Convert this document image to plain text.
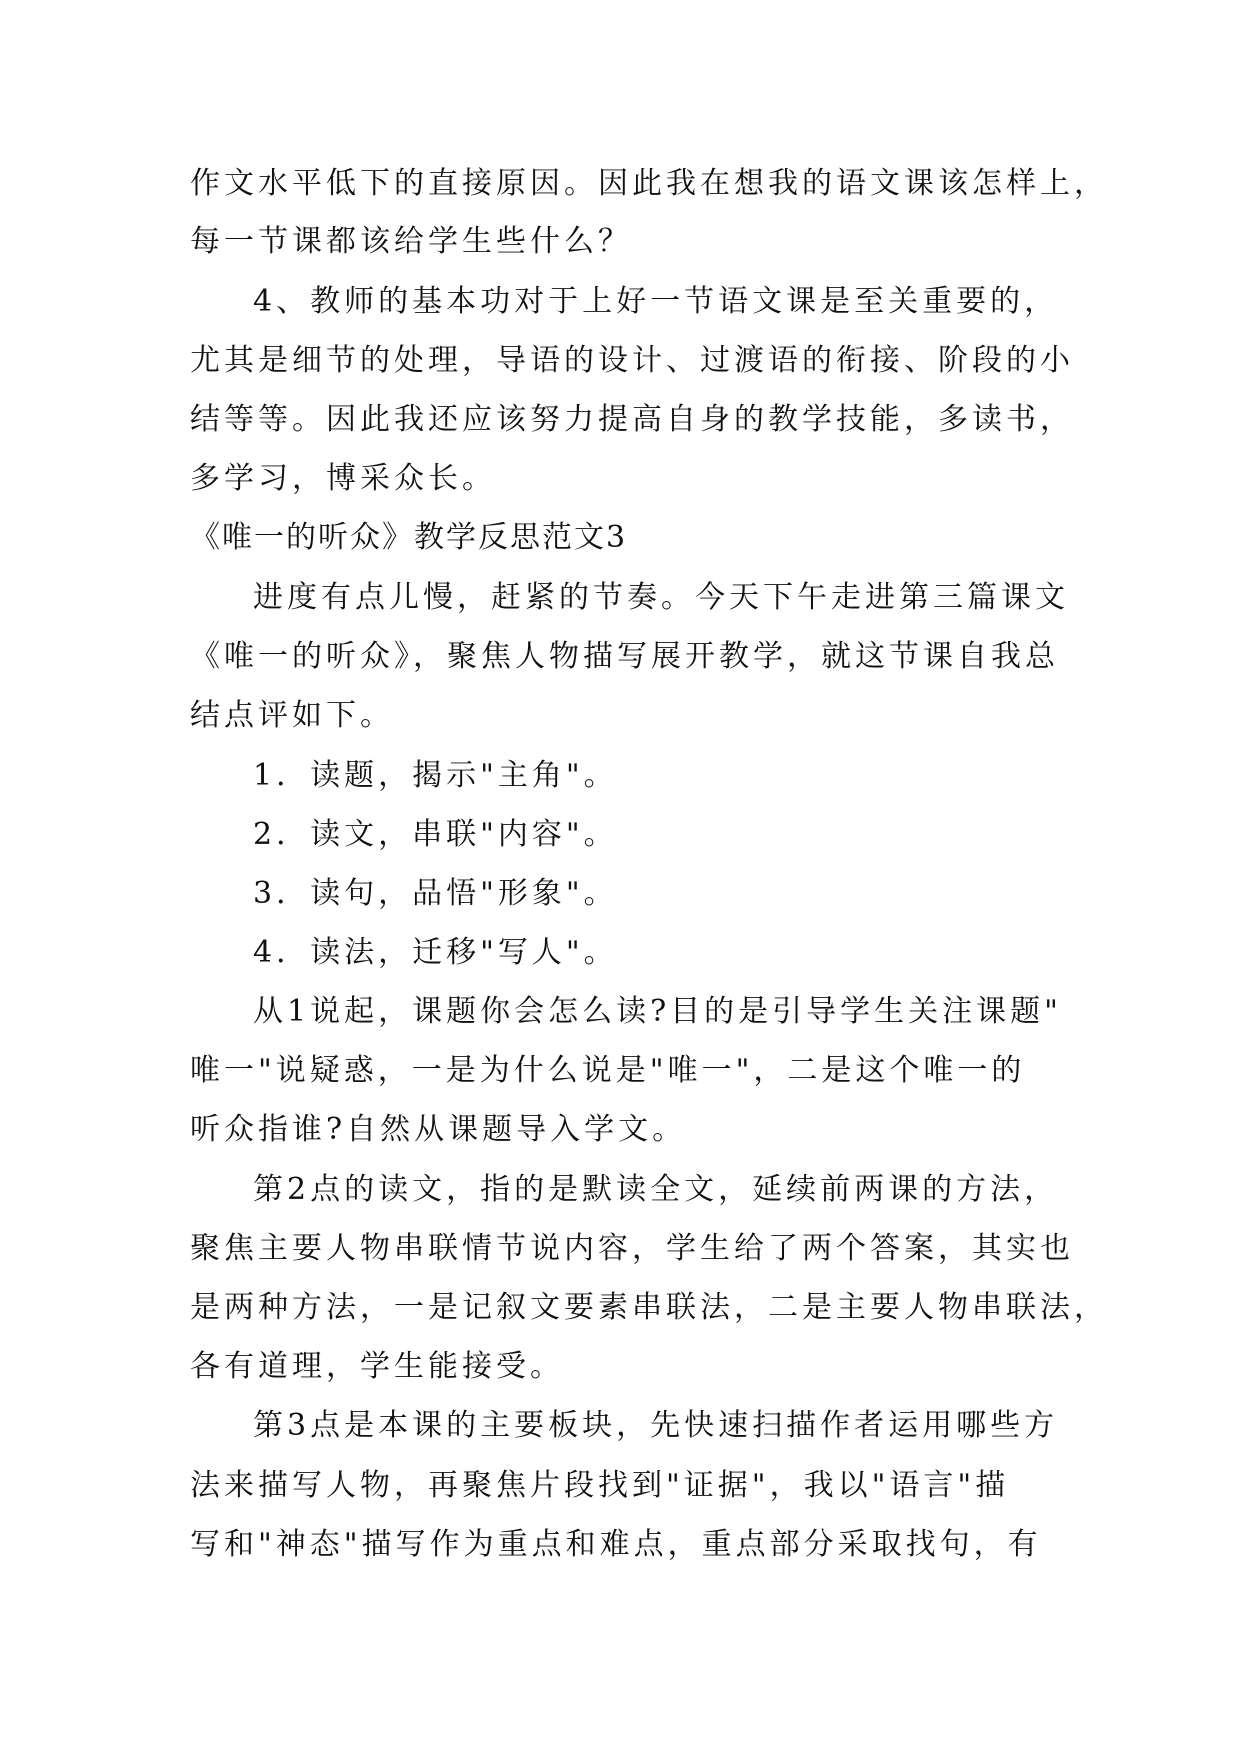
作文水平低下的直接原因。因此我在想我的语文课该怎样上，
每一节课都该给学生些什么？
4、教师的基本功对于上好一节语文课是至关重要的，
尤其是细节的处理，导语的设计、过渡语的衔接、阶段的小
结等等。因此我还应该努力提高自身的教学技能，多读书，
多学习，博采众长。
《唯一的听众》教学反思范文3
进度有点儿慢，赶紧的节奏。今天下午走进第三篇课文
《唯一的听众》，聚焦人物描写展开教学，就这节课自我总
结点评如下。
1．读题，揭示"主角"。
2．读文，串联"内容"。
3．读句，品悟"形象"。
4．读法，迁移"写人"。
从1说起，课题你会怎么读?目的是引导学生关注课题"
唯一"说疑惑，一是为什么说是"唯一"，二是这个唯一的
听众指谁?自然从课题导入学文。
第2点的读文，指的是默读全文，延续前两课的方法，
聚焦主要人物串联情节说内容，学生给了两个答案，其实也
是两种方法，一是记叙文要素串联法，二是主要人物串联法，
各有道理，学生能接受。
第3点是本课的主要板块，先快速扫描作者运用哪些方
法来描写人物，再聚焦片段找到"证据"，我以"语言"描
写和"神态"描写作为重点和难点，重点部分采取找句，有
